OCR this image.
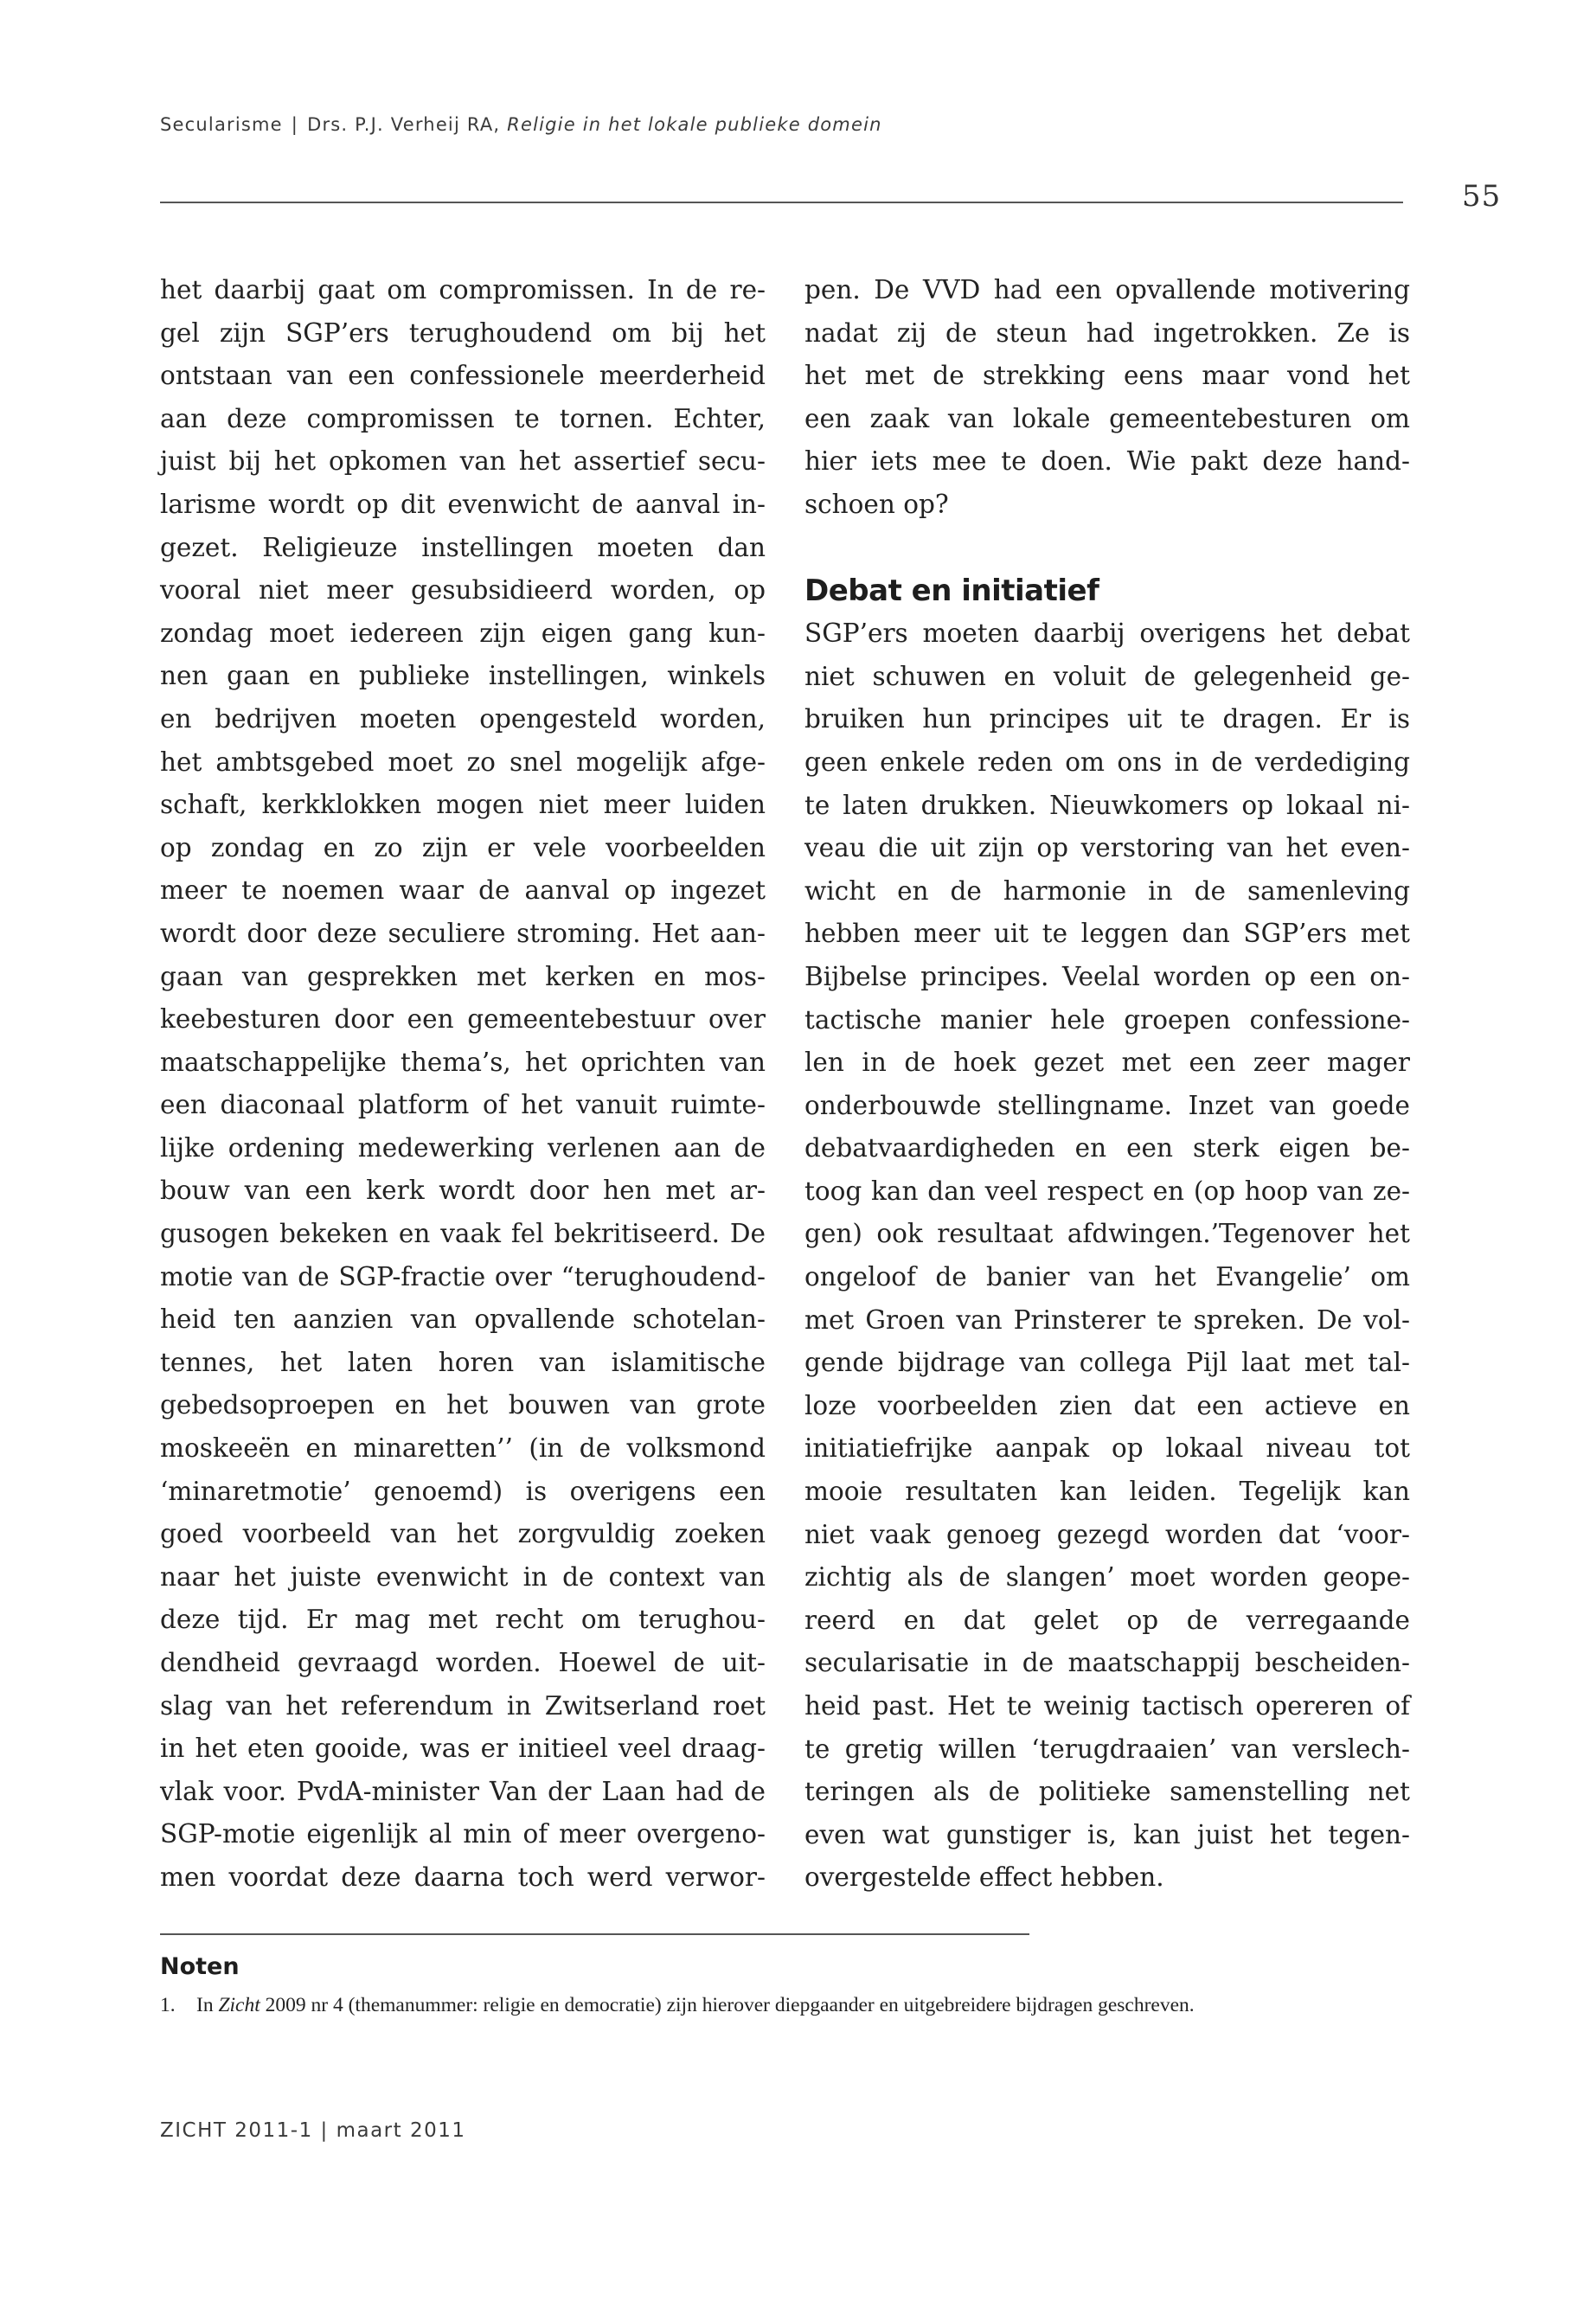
Secularisme | Drs. P.J. Verheij RA, Religie in het lokale publieke domein
55
het daarbij gaat om compromissen. In de re-
gel zijn SGP’ers terughoudend om bij het
ontstaan van een confessionele meerderheid
aan deze compromissen te tornen. Echter,
juist bij het opkomen van het assertief secu-
larisme wordt op dit evenwicht de aanval in-
gezet. Religieuze instellingen moeten dan
vooral niet meer gesubsidieerd worden, op
zondag moet iedereen zijn eigen gang kun-
nen gaan en publieke instellingen, winkels
en bedrijven moeten opengesteld worden,
het ambtsgebed moet zo snel mogelijk afge-
schaft, kerkklokken mogen niet meer luiden
op zondag en zo zijn er vele voorbeelden
meer te noemen waar de aanval op ingezet
wordt door deze seculiere stroming. Het aan-
gaan van gesprekken met kerken en mos-
keebesturen door een gemeentebestuur over
maatschappelijke thema’s, het oprichten van
een diaconaal platform of het vanuit ruimte-
lijke ordening medewerking verlenen aan de
bouw van een kerk wordt door hen met ar-
gusogen bekeken en vaak fel bekritiseerd. De
motie van de SGP-fractie over “terughoudend-
heid ten aanzien van opvallende schotelan-
tennes, het laten horen van islamitische
gebedsoproepen en het bouwen van grote
moskeeën en minaretten’’ (in de volksmond
‘minaretmotie’ genoemd) is overigens een
goed voorbeeld van het zorgvuldig zoeken
naar het juiste evenwicht in de context van
deze tijd. Er mag met recht om terughou-
dendheid gevraagd worden. Hoewel de uit-
slag van het referendum in Zwitserland roet
in het eten gooide, was er initieel veel draag-
vlak voor. PvdA-minister Van der Laan had de
SGP-motie eigenlijk al min of meer overgeno-
men voordat deze daarna toch werd verwor-
pen. De VVD had een opvallende motivering
nadat zij de steun had ingetrokken. Ze is
het met de strekking eens maar vond het
een zaak van lokale gemeentebesturen om
hier iets mee te doen. Wie pakt deze hand-
schoen op?
Debat en initiatief
SGP’ers moeten daarbij overigens het debat
niet schuwen en voluit de gelegenheid ge-
bruiken hun principes uit te dragen. Er is
geen enkele reden om ons in de verdediging
te laten drukken. Nieuwkomers op lokaal ni-
veau die uit zijn op verstoring van het even-
wicht en de harmonie in de samenleving
hebben meer uit te leggen dan SGP’ers met
Bijbelse principes. Veelal worden op een on-
tactische manier hele groepen confessione-
len in de hoek gezet met een zeer mager
onderbouwde stellingname. Inzet van goede
debatvaardigheden en een sterk eigen be-
toog kan dan veel respect en (op hoop van ze-
gen) ook resultaat afdwingen.’Tegenover het
ongeloof de banier van het Evangelie’ om
met Groen van Prinsterer te spreken. De vol-
gende bijdrage van collega Pijl laat met tal-
loze voorbeelden zien dat een actieve en
initiatiefrijke aanpak op lokaal niveau tot
mooie resultaten kan leiden. Tegelijk kan
niet vaak genoeg gezegd worden dat ‘voor-
zichtig als de slangen’ moet worden geope-
reerd en dat gelet op de verregaande
secularisatie in de maatschappij bescheiden-
heid past. Het te weinig tactisch opereren of
te gretig willen ‘terugdraaien’ van verslech-
teringen als de politieke samenstelling net
even wat gunstiger is, kan juist het tegen-
overgestelde effect hebben.
Noten
1. In Zicht 2009 nr 4 (themanummer: religie en democratie) zijn hierover diepgaander en uitgebreidere bijdragen geschreven.
ZICHT 2011-1 | maart 2011
